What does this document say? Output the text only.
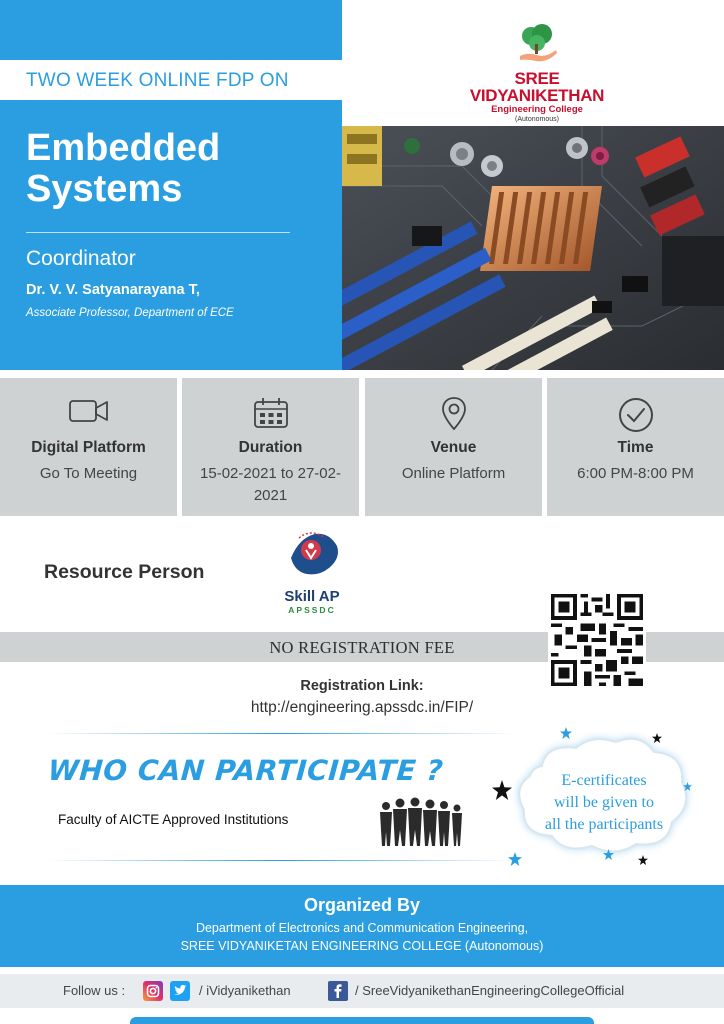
TWO WEEK ONLINE FDP ON
Embedded
Systems
Coordinator
Dr. V. V. Satyanarayana T,
Associate Professor, Department of ECE
SREE VIDYANIKETHAN
Engineering College
(Autonomous)
Digital Platform
Go To Meeting
Duration
15-02-2021 to 27-02-2021
Venue
Online Platform
Time
6:00 PM-8:00 PM
Resource Person
Skill AP
APSSDC
NO REGISTRATION FEE
Registration Link:
http://engineering.apssdc.in/FIP/
WHO CAN PARTICIPATE ?
Faculty of AICTE Approved Institutions
E-certificates
will be given to
all the participants
Organized By
Department of Electronics and Communication Engineering,
SREE VIDYANIKETAN ENGINEERING COLLEGE (Autonomous)
Follow us :	/ iVidyanikethan	/ SreeVidyanikethanEngineeringCollegeOfficial
